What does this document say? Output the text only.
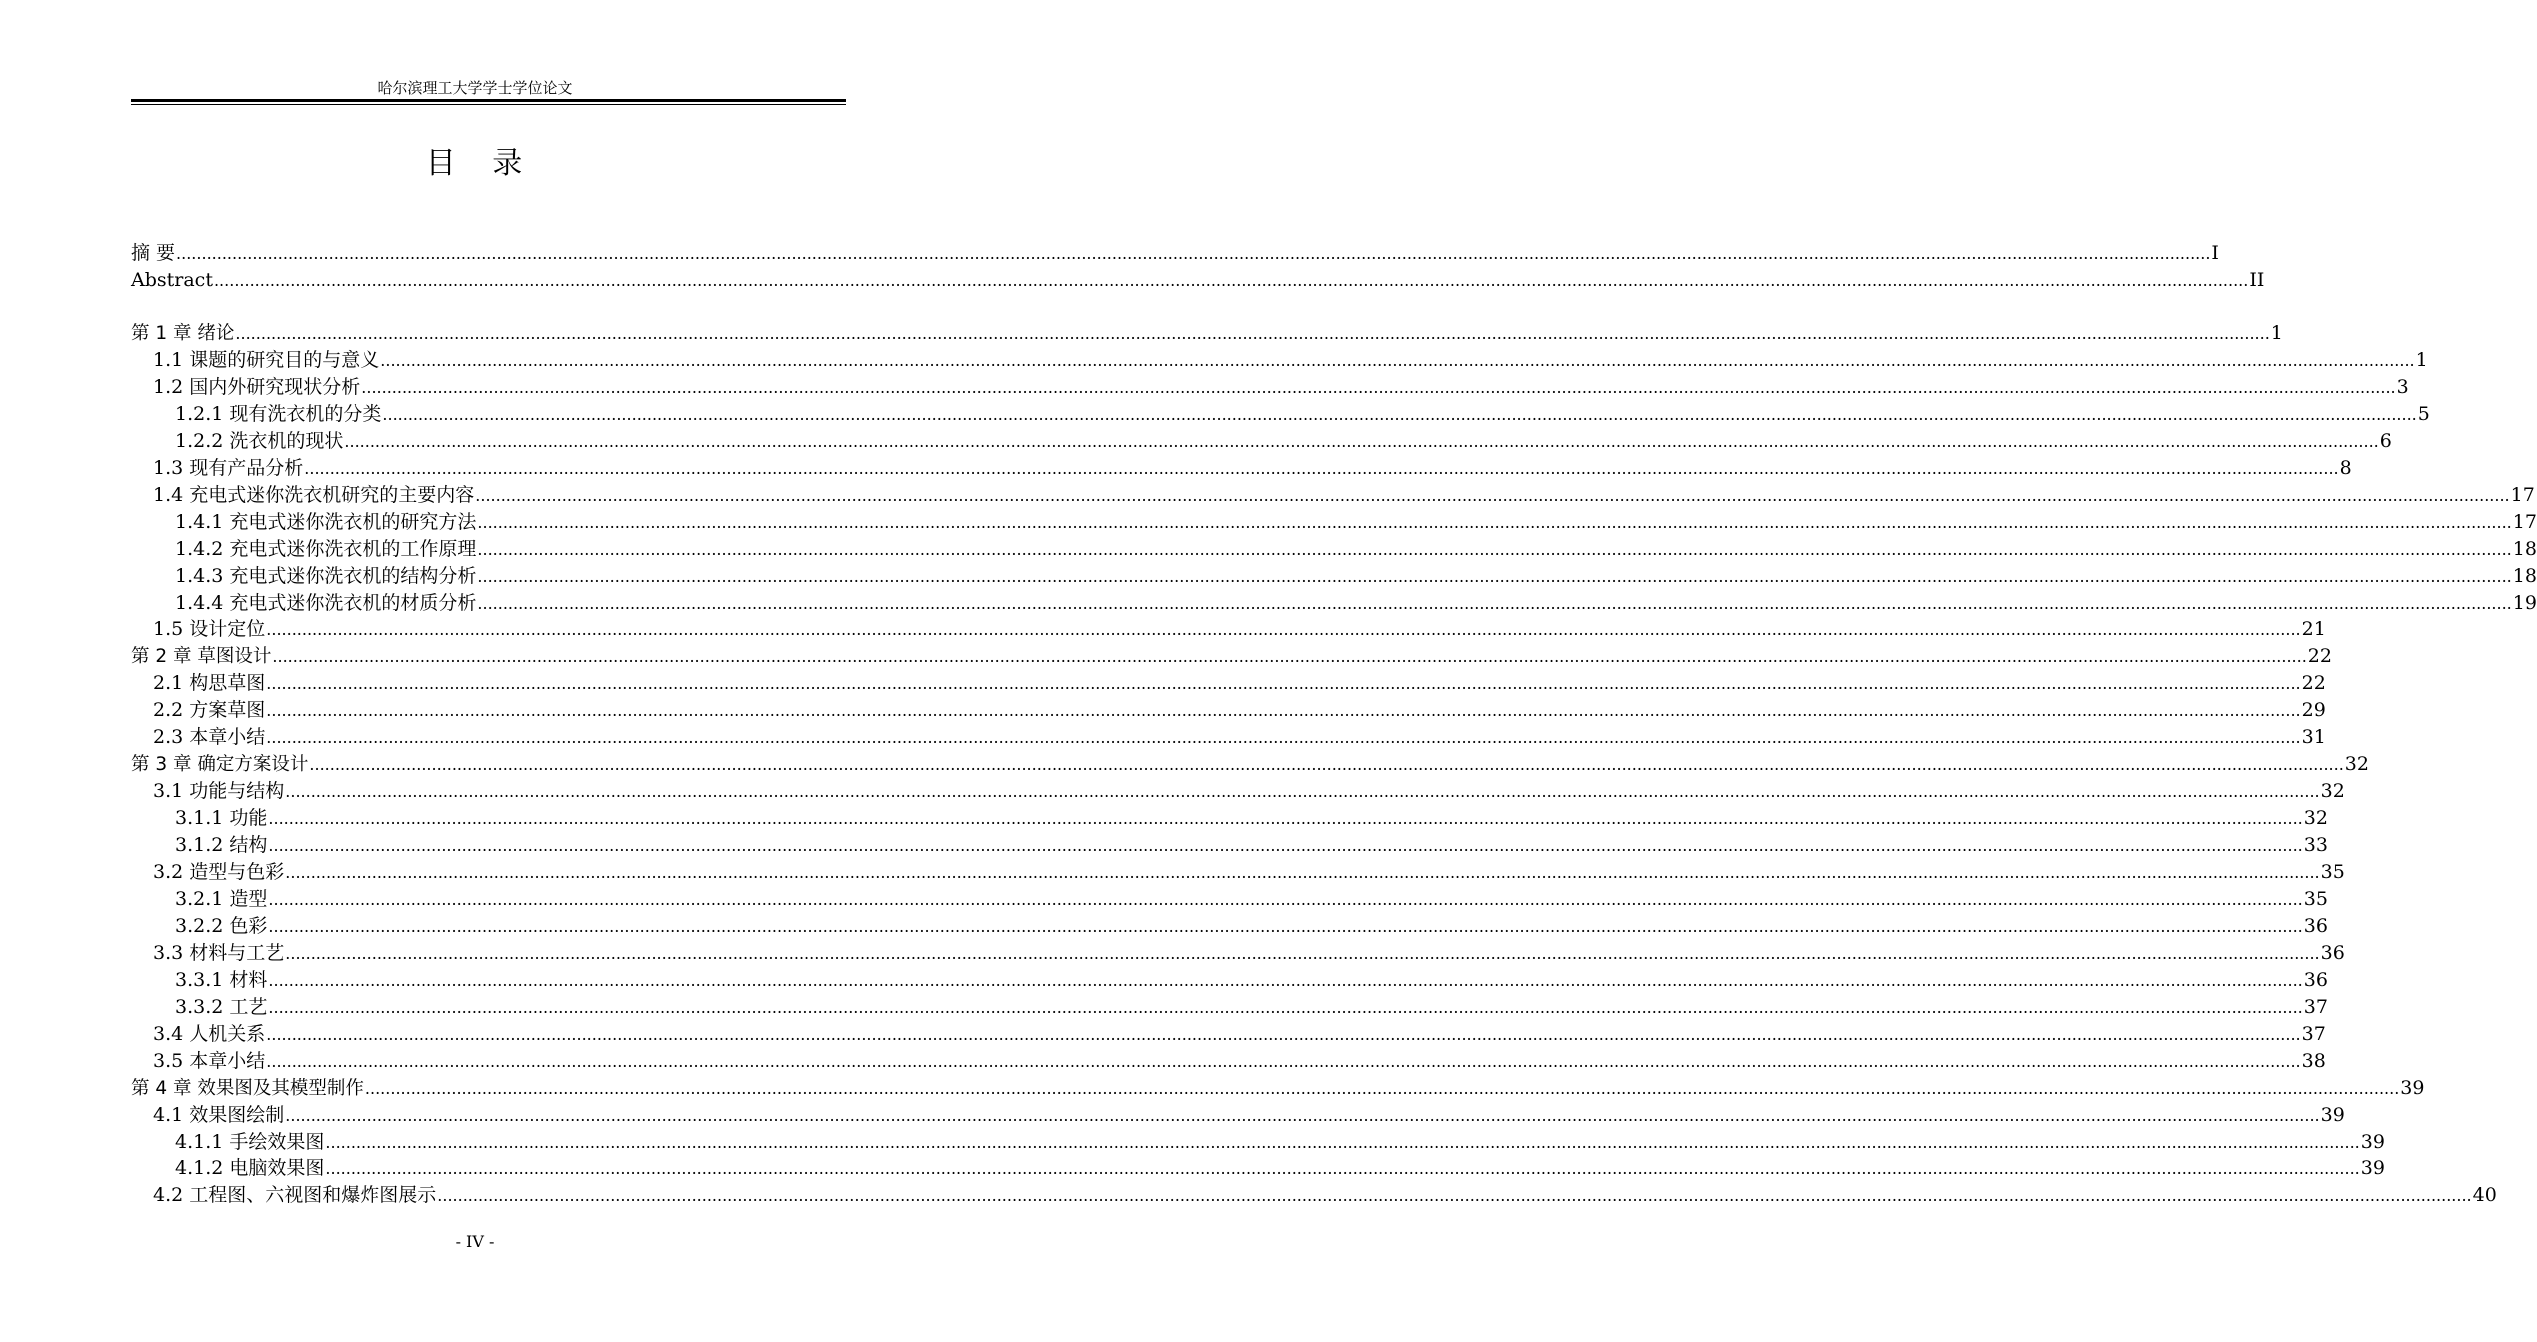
哈尔滨理工大学学士学位论文
目   录
摘 要 ................................................................................................................................................................................................................................................................................................................................................................................................................ I
Abstract ................................................................................................................................................................................................................................................................................................................................................................................................................ II
第 1 章 绪论 ................................................................................................................................................................................................................................................................................................................................................................................................................ 1
1.1 课题的研究目的与意义 ................................................................................................................................................................................................................................................................................................................................................................................................................ 1
1.2 国内外研究现状分析 ................................................................................................................................................................................................................................................................................................................................................................................................................ 3
1.2.1 现有洗衣机的分类 ................................................................................................................................................................................................................................................................................................................................................................................................................ 5
1.2.2 洗衣机的现状 ................................................................................................................................................................................................................................................................................................................................................................................................................ 6
1.3 现有产品分析 ................................................................................................................................................................................................................................................................................................................................................................................................................ 8
1.4 充电式迷你洗衣机研究的主要内容 ................................................................................................................................................................................................................................................................................................................................................................................................................ 17
1.4.1 充电式迷你洗衣机的研究方法 ................................................................................................................................................................................................................................................................................................................................................................................................................ 17
1.4.2 充电式迷你洗衣机的工作原理 ................................................................................................................................................................................................................................................................................................................................................................................................................ 18
1.4.3 充电式迷你洗衣机的结构分析 ................................................................................................................................................................................................................................................................................................................................................................................................................ 18
1.4.4 充电式迷你洗衣机的材质分析 ................................................................................................................................................................................................................................................................................................................................................................................................................ 19
1.5 设计定位 ................................................................................................................................................................................................................................................................................................................................................................................................................ 21
第 2 章 草图设计 ................................................................................................................................................................................................................................................................................................................................................................................................................ 22
2.1 构思草图 ................................................................................................................................................................................................................................................................................................................................................................................................................ 22
2.2 方案草图 ................................................................................................................................................................................................................................................................................................................................................................................................................ 29
2.3 本章小结 ................................................................................................................................................................................................................................................................................................................................................................................................................ 31
第 3 章 确定方案设计 ................................................................................................................................................................................................................................................................................................................................................................................................................ 32
3.1 功能与结构 ................................................................................................................................................................................................................................................................................................................................................................................................................ 32
3.1.1 功能 ................................................................................................................................................................................................................................................................................................................................................................................................................ 32
3.1.2 结构 ................................................................................................................................................................................................................................................................................................................................................................................................................ 33
3.2 造型与色彩 ................................................................................................................................................................................................................................................................................................................................................................................................................ 35
3.2.1 造型 ................................................................................................................................................................................................................................................................................................................................................................................................................ 35
3.2.2 色彩 ................................................................................................................................................................................................................................................................................................................................................................................................................ 36
3.3 材料与工艺 ................................................................................................................................................................................................................................................................................................................................................................................................................ 36
3.3.1 材料 ................................................................................................................................................................................................................................................................................................................................................................................................................ 36
3.3.2 工艺 ................................................................................................................................................................................................................................................................................................................................................................................................................ 37
3.4 人机关系 ................................................................................................................................................................................................................................................................................................................................................................................................................ 37
3.5 本章小结 ................................................................................................................................................................................................................................................................................................................................................................................................................ 38
第 4 章 效果图及其模型制作 ................................................................................................................................................................................................................................................................................................................................................................................................................ 39
4.1 效果图绘制 ................................................................................................................................................................................................................................................................................................................................................................................................................ 39
4.1.1 手绘效果图 ................................................................................................................................................................................................................................................................................................................................................................................................................ 39
4.1.2 电脑效果图 ................................................................................................................................................................................................................................................................................................................................................................................................................ 39
4.2 工程图、六视图和爆炸图展示 ................................................................................................................................................................................................................................................................................................................................................................................................................ 40
- IV -
